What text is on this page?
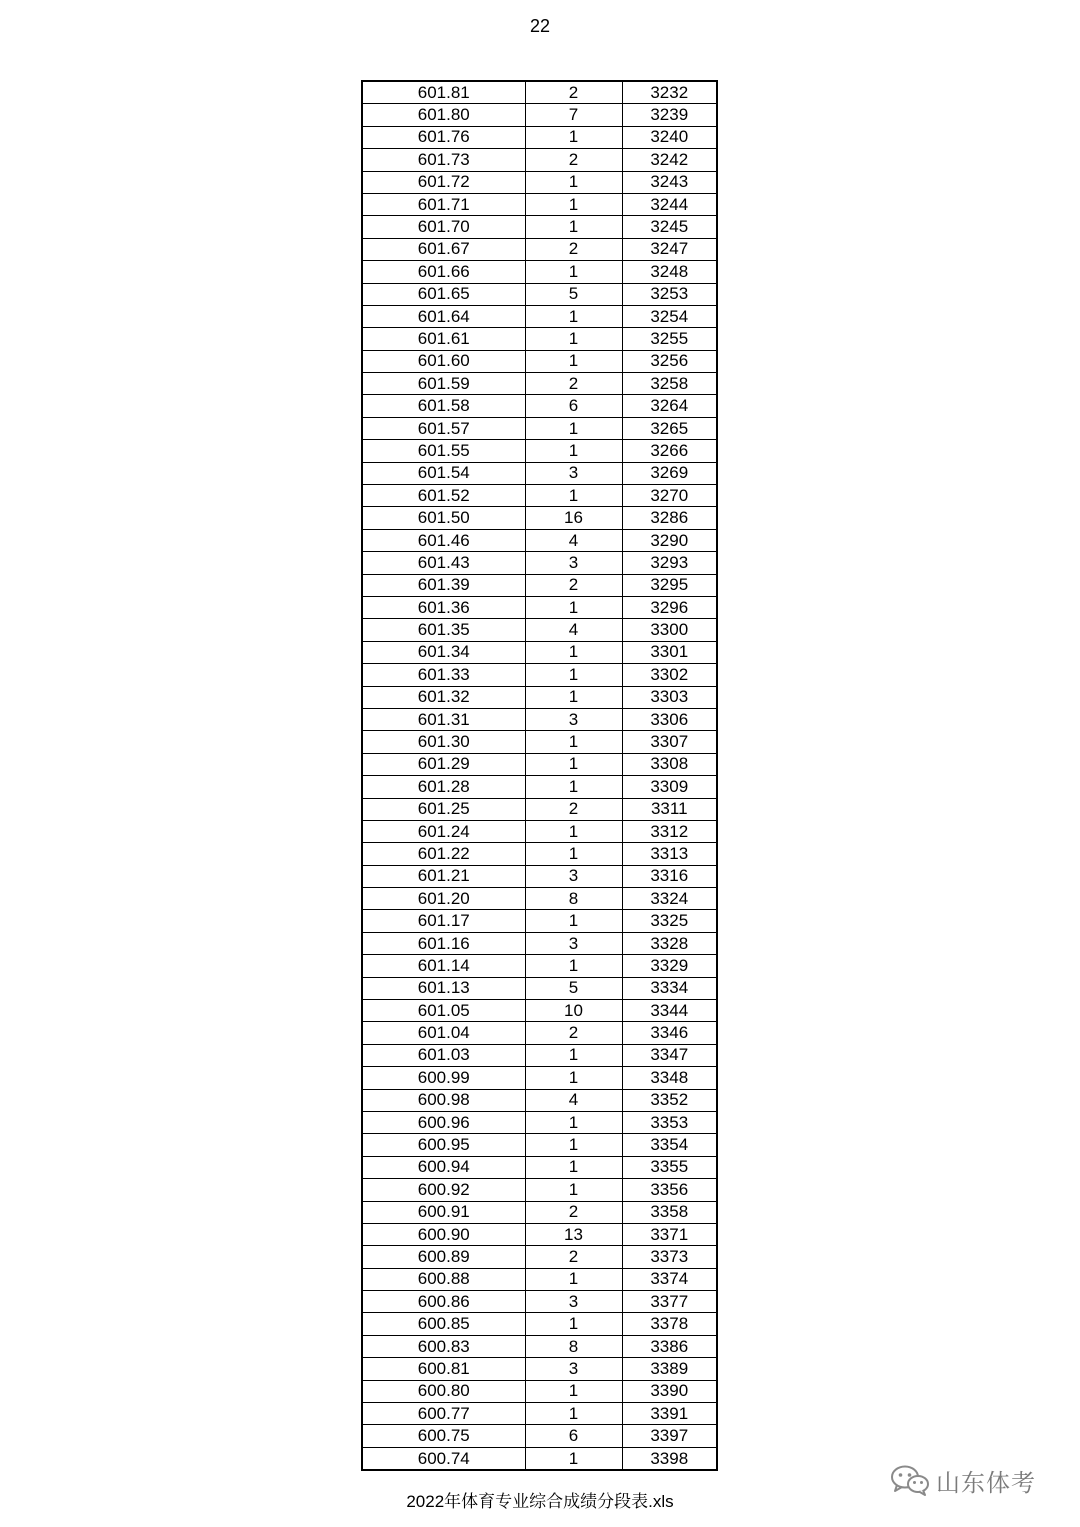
22
601.81	2	3232
601.80	7	3239
601.76	1	3240
601.73	2	3242
601.72	1	3243
601.71	1	3244
601.70	1	3245
601.67	2	3247
601.66	1	3248
601.65	5	3253
601.64	1	3254
601.61	1	3255
601.60	1	3256
601.59	2	3258
601.58	6	3264
601.57	1	3265
601.55	1	3266
601.54	3	3269
601.52	1	3270
601.50	16	3286
601.46	4	3290
601.43	3	3293
601.39	2	3295
601.36	1	3296
601.35	4	3300
601.34	1	3301
601.33	1	3302
601.32	1	3303
601.31	3	3306
601.30	1	3307
601.29	1	3308
601.28	1	3309
601.25	2	3311
601.24	1	3312
601.22	1	3313
601.21	3	3316
601.20	8	3324
601.17	1	3325
601.16	3	3328
601.14	1	3329
601.13	5	3334
601.05	10	3344
601.04	2	3346
601.03	1	3347
600.99	1	3348
600.98	4	3352
600.96	1	3353
600.95	1	3354
600.94	1	3355
600.92	1	3356
600.91	2	3358
600.90	13	3371
600.89	2	3373
600.88	1	3374
600.86	3	3377
600.85	1	3378
600.83	8	3386
600.81	3	3389
600.80	1	3390
600.77	1	3391
600.75	6	3397
600.74	1	3398
山东体考
2022年体育专业综合成绩分段表.xls
